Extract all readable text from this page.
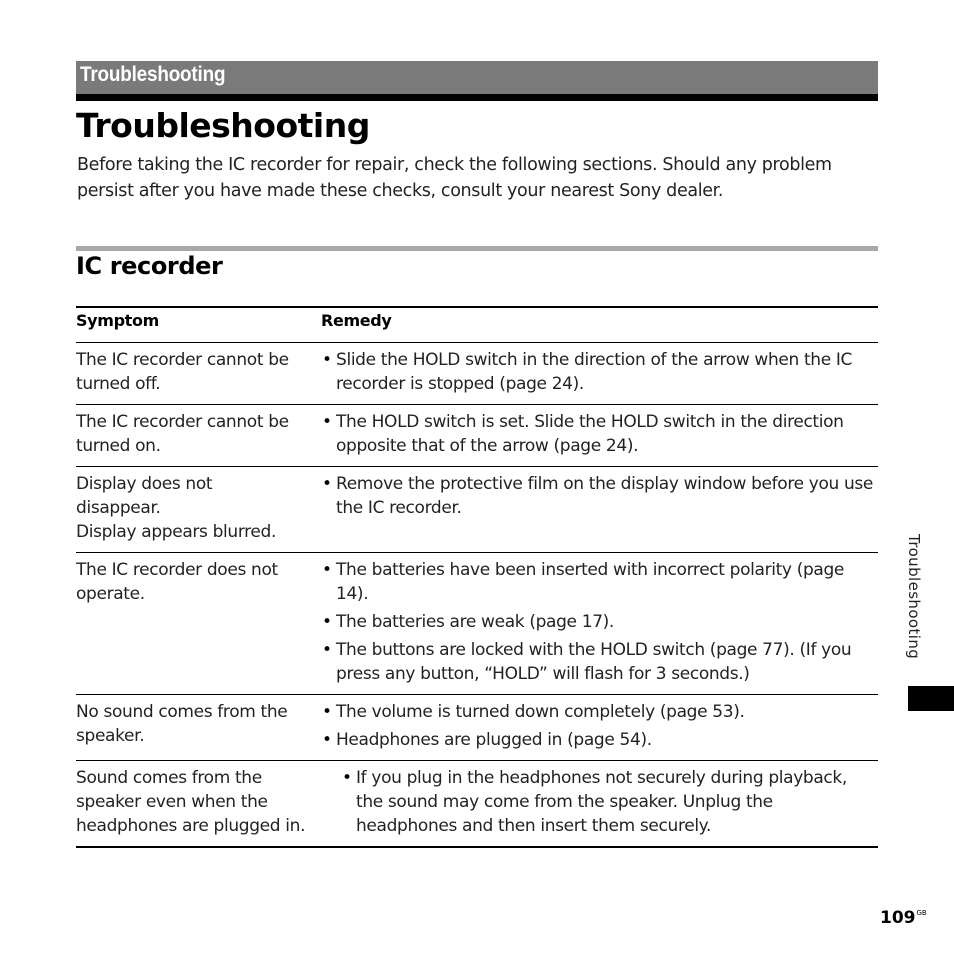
Troubleshooting
Troubleshooting

Before taking the IC recorder for repair, check the following sections. Should any problem persist after you have made these checks, consult your nearest Sony dealer.

IC recorder
Symptom	Remedy
The IC recorder cannot be turned off.
• Slide the HOLD switch in the direction of the arrow when the IC recorder is stopped (page 24).
The IC recorder cannot be turned on.
• The HOLD switch is set. Slide the HOLD switch in the direction opposite that of the arrow (page 24).
Display does not disappear.
Display appears blurred.
• Remove the protective film on the display window before you use the IC recorder.
The IC recorder does not operate.
• The batteries have been inserted with incorrect polarity (page 14).
• The batteries are weak (page 17).
• The buttons are locked with the HOLD switch (page 77). (If you press any button, “HOLD” will flash for 3 seconds.)
No sound comes from the speaker.
• The volume is turned down completely (page 53).
• Headphones are plugged in (page 54).
Sound comes from the speaker even when the headphones are plugged in.
• If you plug in the headphones not securely during playback, the sound may come from the speaker. Unplug the headphones and then insert them securely.
Troubleshooting
$109^{GB}$
